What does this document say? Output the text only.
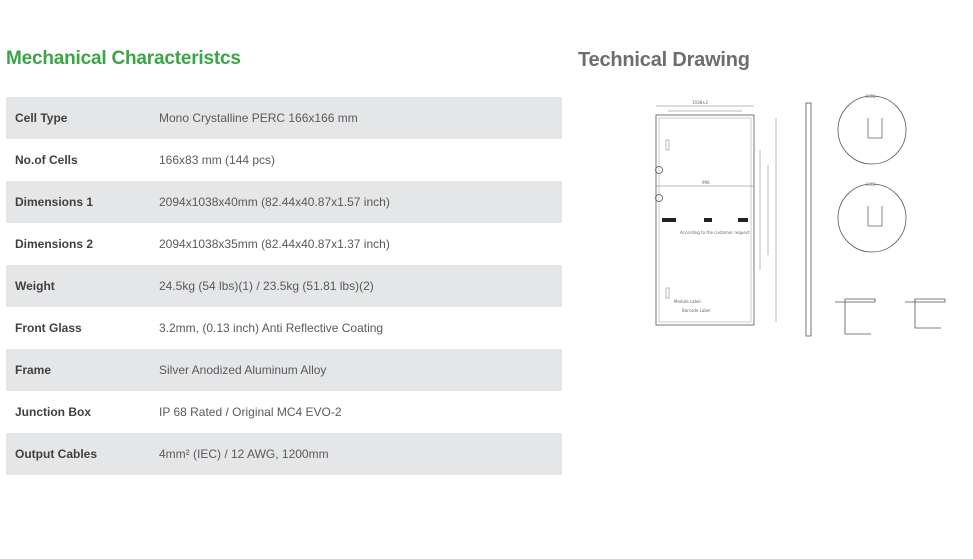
Mechanical Characteristcs	Technical Drawing
Cell Type	Mono Crystalline PERC 166x166 mm
No.of Cells	166x83 mm (144 pcs)
Dimensions 1	2094x1038x40mm (82.44x40.87x1.57 inch)
Dimensions 2	2094x1038x35mm (82.44x40.87x1.37 inch)
Weight	24.5kg (54 lbs)(1) / 23.5kg (51.81 lbs)(2)
Front Glass	3.2mm, (0.13 inch) Anti Reflective Coating
Frame	Silver Anodized Aluminum Alloy
Junction Box	IP 68 Rated / Original MC4 EVO-2
Output Cables	4mm² (IEC) / 12 AWG, 1200mm
1038±2
996
B:B1
C:C1
Module Label
Barcode Label
According to the customer request
